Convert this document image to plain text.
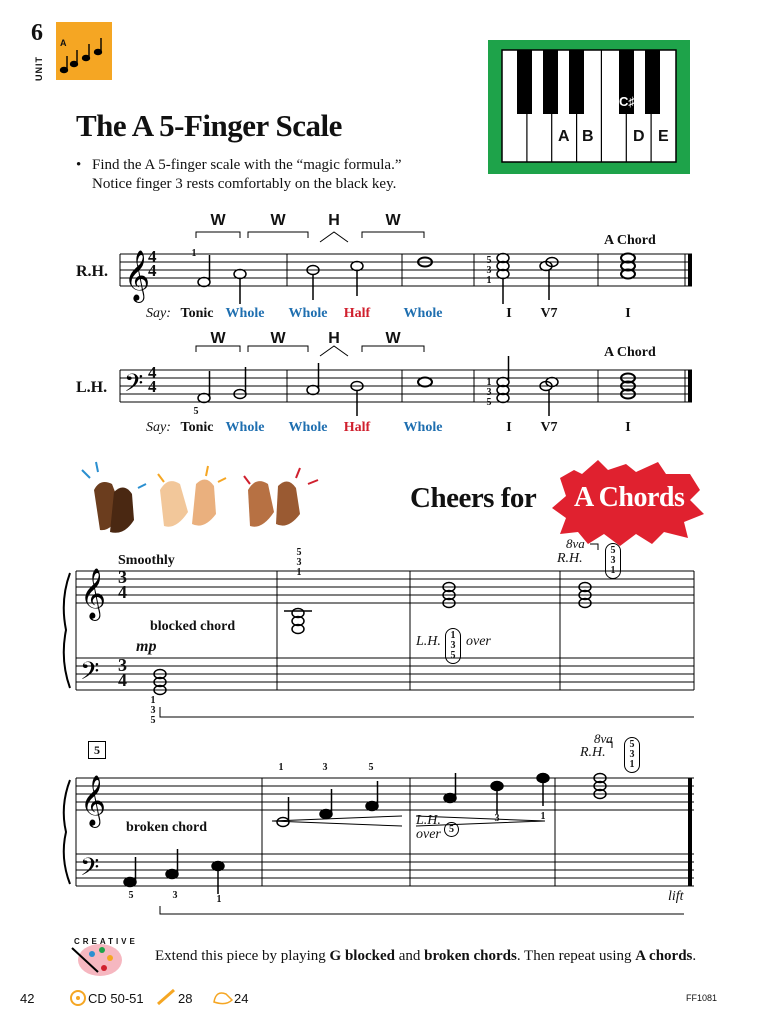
6
UNIT
A
The A 5-Finger Scale
• Find the A 5-finger scale with the “magic formula.”
Notice finger 3 rests comfortably on the black key.
A B
C♯
D E
𝄞
𝄢
𝄞
𝄢
𝄞
𝄢
R.H.
4
4
W	W	H	W
1
5
3
1
A Chord
Say: Tonic Whole	Whole	Half	Whole	I	V7	I
L.H.
4
4
W	W	H	W
5
1
3
5
A Chord
Say: Tonic Whole	Whole	Half	Whole	I	V7	I
Cheers for A Chords
Smoothly
3
4
3
4
blocked chord
mp
5
3
1
1
3
5
L.H. 1
3
5
over
8va
R.H.
5
3
1
5
broken chord
1	3	5
3	1
5	3	1
L.H.
over 5
8va
R.H.
5
3
1
lift
CREATIVE
Extend this piece by playing G blocked and broken chords. Then repeat using A chords.
42	CD 50-51	28	24	FF1081
